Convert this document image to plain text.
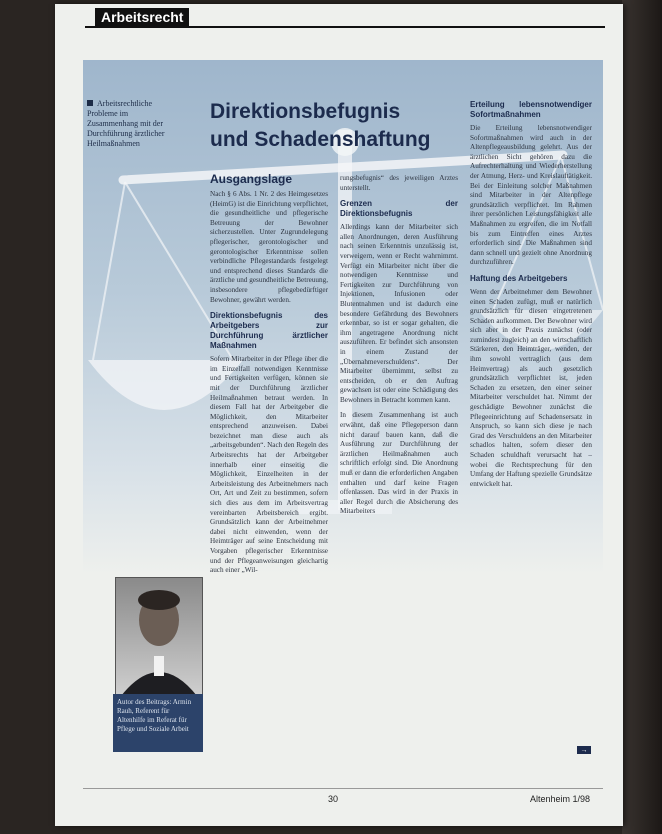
Arbeitsrecht
Arbeitsrechtliche Probleme im Zusammenhang mit der Durchführung ärztlicher Heilmaßnahmen
Direktionsbefugnis
und Schadenshaftung
Ausgangslage

Nach § 6 Abs. 1 Nr. 2 des Heimgesetzes (HeimG) ist die Einrichtung verpflichtet, die gesundheitliche und pflegerische Betreuung der Bewohner sicherzustellen. Unter Zugrundelegung pflegerischer, gerontologischer und gerontologischer Erkenntnisse sollen verbindliche Pflegestandards festgelegt und entsprechend dieses Standards die ärztliche und gesundheitliche Betreuung, insbesondere pflegebedürftiger Bewohner, gewährt werden.

Direktionsbefugnis des Arbeitgebers zur Durchführung ärztlicher Maßnahmen

Sofern Mitarbeiter in der Pflege über die im Einzelfall notwendigen Kenntnisse und Fertigkeiten verfügen, können sie mit der Durchführung ärztlicher Heilmaßnahmen betraut werden. In diesem Fall hat der Arbeitgeber die Möglichkeit, den Mitarbeiter entsprechend anzuweisen. Dabei bezeichnet man diese auch als „arbeitsgebunden“. Nach den Regeln des Arbeitsrechts hat der Arbeitgeber innerhalb einer einseitig die Möglichkeit, Einzelheiten in der Arbeitsleistung des Arbeitnehmers nach Ort, Art und Zeit zu bestimmen, sofern sich dies aus dem im Arbeitsvertrag vereinbarten Arbeitsbereich ergibt. Grundsätzlich kann der Arbeitnehmer dabei nicht einwenden, wenn der Heimträger auf seine Entscheidung mit Vorgaben pflegerischer Erkenntnisse und der Pflegeanweisungen gleichartig auch einer „Wil-

rungsbefugnis“ des jeweiligen Arztes unterstellt.

Grenzen der Direktionsbefugnis

Allerdings kann der Mitarbeiter sich allen Anordnungen, deren Ausführung nach seinen Erkenntnis unzulässig ist, verweigern, wenn er Recht wahrnimmt. Verfügt ein Mitarbeiter nicht über die notwendigen Kenntnisse und Fertigkeiten zur Durchführung von Injektionen, Infusionen oder Blutentnahmen und ist dadurch eine besondere Gefährdung des Bewohners erkennbar, so ist er sogar gehalten, die ihm angetragene Anordnung nicht auszuführen. Er befindet sich ansonsten in einem Zustand der „Übernahmeverschuldens“. Der Mitarbeiter übernimmt, selbst zu entscheiden, ob er den Auftrag gewachsen ist oder eine Schädigung des Bewohners in Betracht kommen kann.

In diesem Zusammenhang ist auch erwähnt, daß eine Pflegeperson dann nicht darauf bauen kann, daß die Ausführung zur Durchführung der ärztlichen Heilmaßnahmen auch schriftlich erfolgt sind. Die Anordnung muß er dann die erforderlichen Angaben enthalten und darf keine Fragen offenlassen. Das wird in der Praxis in aller Regel durch die Absicherung des Mitarbeiters

Erteilung lebensnotwendiger Sofortmaßnahmen

Die Erteilung lebensnotwendiger Sofortmaßnahmen wird auch in der Altenpflegeausbildung gelehrt. Aus der ärztlichen Sicht gehören dazu die Aufrechterhaltung und Wiederherstellung der Atmung, Herz- und Kreislauftätigkeit. Bei der Einleitung solcher Maßnahmen sind Mitarbeiter in der Altenpflege grundsätzlich verpflichtet. Im Rahmen ihrer persönlichen Leistungsfähigkeit alle Maßnahmen zu ergreifen, die im Notfall bis zum Eintreffen eines Arztes erforderlich sind. Die Maßnahmen sind dann schnell und gezielt ohne Anordnung durchzuführen.

Haftung des Arbeitgebers

Wenn der Arbeitnehmer dem Bewohner einen Schaden zufügt, muß er natürlich grundsätzlich für diesen eingetretenen Schaden aufkommen. Der Bewohner wird sich aber in der Praxis zunächst (oder zumindest zugleich) an den wirtschaftlich Stärkeren, den Heimträger, wenden, der ihm sowohl vertraglich (aus dem Heimvertrag) als auch gesetzlich grundsätzlich verpflichtet ist, jeden Schaden zu ersetzen, den einer seiner Mitarbeiter verschuldet hat. Nimmt der geschädigte Bewohner zunächst die Pflegeeinrichtung auf Schadensersatz in Anspruch, so kann sich diese je nach Grad des Verschuldens an den Mitarbeiter schadlos halten, sofern dieser den Schaden schuldhaft verursacht hat – wobei die Rechtsprechung für den Umfang der Haftung spezielle Grundsätze entwickelt hat.

Autor des Beitrags: Armin Rauh, Referent für Altenhilfe im Referat für Pflege und Soziale Arbeit
→
30	Altenheim 1/98
